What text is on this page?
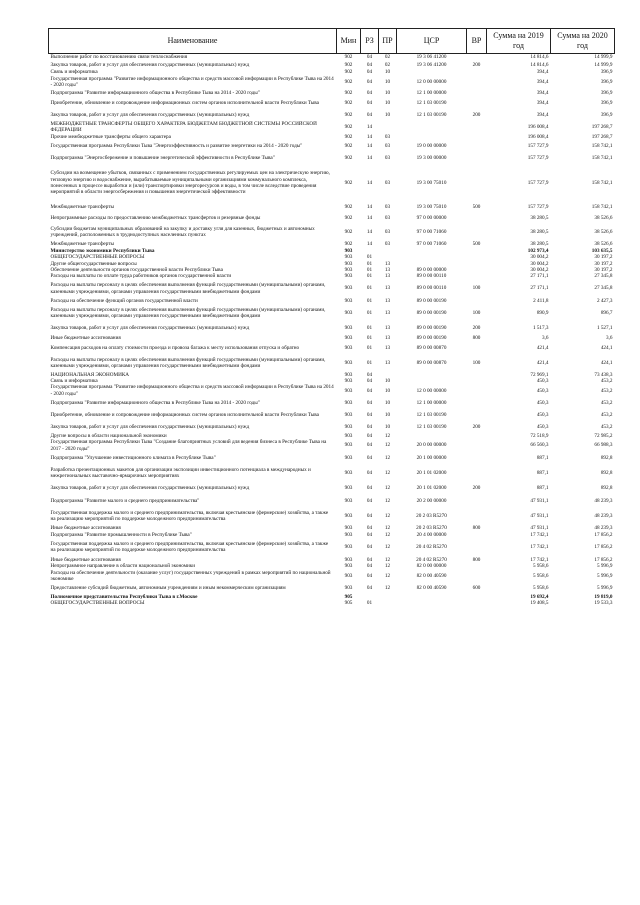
Наименование	Мин	РЗ	ПР	ЦСР	ВР	Сумма на 2019 год	Сумма на 2020 год
Выполнение работ по восстановлению связи теплоснабжения	902	04	02	19 3 06 41200		14 814,6	14 999,9
Закупка товаров, работ и услуг для обеспечения государственных (муниципальных) нужд	902	04	02	19 3 06 41200	200	14 814,6	14 999,9
Связь и информатика	902	04	10			394,4	396,9
Государственная программа "Развитие информационного общества и средств массовой информации в Республике Тыва на 2014 - 2020 годы"	902	04	10	12 0 00 00000		394,4	396,9
Подпрограмма "Развитие информационного общества в Республике Тыва на 2014 - 2020 годы"	902	04	10	12 1 00 00000		394,4	396,9
Приобретение, обновление и сопровождение информационных систем органов исполнительной власти Республики Тыва	902	04	10	12 1 03 00190		394,4	396,9
Закупка товаров, работ и услуг для обеспечения государственных (муниципальных) нужд	902	04	10	12 1 03 00190	200	394,4	396,9
МЕЖБЮДЖЕТНЫЕ ТРАНСФЕРТЫ ОБЩЕГО ХАРАКТЕРА БЮДЖЕТАМ БЮДЖЕТНОЙ СИСТЕМЫ РОССИЙСКОЙ ФЕДЕРАЦИИ	902	14				196 008,4	197 268,7
Прочие межбюджетные трансферты общего характера	902	14	03			196 008,4	197 268,7
Государственная программа Республики Тыва "Энергоэффективность и развитие энергетики на 2014 - 2020 годы"	902	14	03	19 0 00 00000		157 727,9	158 742,1
Подпрограмма "Энергосбережение и повышение энергетической эффективности в Республике Тыва"	902	14	03	19 3 00 00000		157 727,9	158 742,1
Субсидии на возмещение убытков, связанных с применением государственных регулируемых цен на электрическую энергию, тепловую энергию и водоснабжение, вырабатываемые муниципальными организациями коммунального комплекса, понесенных в процессе выработки и (или) транспортировки энергоресурсов и воды, в том числе вследствие проведения мероприятий в области энергосбережения и повышения энергетической эффективности	902	14	03	19 3 00 75010		157 727,9	158 742,1
Межбюджетные трансферты	902	14	03	19 3 00 75010	500	157 727,9	158 742,1
Непрограммные расходы по предоставлению межбюджетных трансфертов и резервные фонды	902	14	03	97 0 00 00000		38 280,5	38 526,6
Субсидии бюджетам муниципальных образований на закупку и доставку угля для казенных, бюджетных и автономных учреждений, расположенных в труднодоступных населенных пунктах	902	14	03	97 0 00 71060		38 280,5	38 526,6
Межбюджетные трансферты	902	14	03	97 0 00 71060	500	38 280,5	38 526,6
Министерство экономики Республики Тыва	903					102 973,4	103 635,5
ОБЩЕГОСУДАРСТВЕННЫЕ ВОПРОСЫ	903	01				30 004,2	30 197,2
Другие общегосударственные вопросы	903	01	13			30 004,2	30 197,2
Обеспечение деятельности органов государственной власти Республики Тыва	903	01	13	89 0 00 00000		30 004,2	30 197,2
Расходы на выплаты по оплате труда работников органов государственной власти	903	01	13	89 0 00 00110		27 171,1	27 345,8
Расходы на выплаты персоналу в целях обеспечения выполнения функций государственными (муниципальными) органами, казенными учреждениями, органами управления государственными внебюджетными фондами	903	01	13	89 0 00 00110	100	27 171,1	27 345,8
Расходы на обеспечение функций органов государственной власти	903	01	13	89 0 00 00190		2 411,8	2 427,3
Расходы на выплаты персоналу в целях обеспечения выполнения функций государственными (муниципальными) органами, казенными учреждениями, органами управления государственными внебюджетными фондами	903	01	13	89 0 00 00190	100	890,9	896,7
Закупка товаров, работ и услуг для обеспечения государственных (муниципальных) нужд	903	01	13	89 0 00 00190	200	1 517,3	1 527,1
Иные бюджетные ассигнования	903	01	13	89 0 00 00190	800	3,6	3,6
Компенсация расходов на оплату стоимости проезда и провоза багажа к месту использования отпуска и обратно	903	01	13	89 0 00 00870		421,4	424,1
Расходы на выплаты персоналу в целях обеспечения выполнения функций государственными (муниципальными) органами, казенными учреждениями, органами управления государственными внебюджетными фондами	903	01	13	89 0 00 00870	100	421,4	424,1
НАЦИОНАЛЬНАЯ ЭКОНОМИКА	903	04				72 969,1	73 438,3
Связь и информатика	903	04	10			450,3	453,2
Государственная программа "Развитие информационного общества и средств массовой информации в Республике Тыва на 2014 - 2020 годы"	903	04	10	12 0 00 00000		450,3	453,2
Подпрограмма "Развитие информационного общества в Республике Тыва на 2014 - 2020 годы"	903	04	10	12 1 00 00000		450,3	453,2
Приобретение, обновление и сопровождение информационных систем органов исполнительной власти Республики Тыва	903	04	10	12 1 03 00190		450,3	453,2
Закупка товаров, работ и услуг для обеспечения государственных (муниципальных) нужд	903	04	10	12 1 03 00190	200	450,3	453,2
Другие вопросы в области национальной экономики	903	04	12			72 518,9	72 985,2
Государственная программа Республики Тыва "Создание благоприятных условий для ведения бизнеса в Республике Тыва на 2017 - 2020 годы"	903	04	12	20 0 00 00000		66 560,3	66 988,3
Подпрограмма "Улучшение инвестиционного климата в Республике Тыва"	903	04	12	20 1 00 00000		887,1	892,8
Разработка презентационных макетов для организации экспозиции инвестиционного потенциала в международных и межрегиональных выставочно-ярмарочных мероприятиях	903	04	12	20 1 01 02000		887,1	892,8
Закупка товаров, работ и услуг для обеспечения государственных (муниципальных) нужд	903	04	12	20 1 01 02000	200	887,1	892,8
Подпрограмма "Развитие малого и среднего предпринимательства"	903	04	12	20 2 00 00000		47 931,1	48 239,3
Государственная поддержка малого и среднего предпринимательства, включая крестьянские (фермерские) хозяйства, а также на реализацию мероприятий по поддержке молодежного предпринимательства	903	04	12	20 2 03 R5270		47 931,1	48 239,3
Иные бюджетные ассигнования	903	04	12	20 2 03 R5270	800	47 931,1	48 239,3
Подпрограмма "Развитие промышленности в Республике Тыва"	903	04	12	20 4 00 00000		17 742,1	17 856,2
Государственная поддержка малого и среднего предпринимательства, включая крестьянские (фермерские) хозяйства, а также на реализацию мероприятий по поддержке молодежного предпринимательства	903	04	12	20 4 02 R5270		17 742,1	17 856,2
Иные бюджетные ассигнования	903	04	12	20 4 02 R5270	800	17 742,1	17 856,2
Непрограммное направление в области национальной экономики	903	04	12	82 0 00 00000		5 958,6	5 996,9
Расходы на обеспечение деятельности (оказание услуг) государственных учреждений в рамках мероприятий по национальной экономике	903	04	12	82 0 00 40590		5 958,6	5 996,9
Предоставление субсидий бюджетным, автономным учреждениям и иным некоммерческим организациям	903	04	12	82 0 00 40590	600	5 958,6	5 996,9
Полномочное представительство Республики Тыва в г.Москве	905					19 692,4	19 819,0
ОБЩЕГОСУДАРСТВЕННЫЕ ВОПРОСЫ	905	01				19 408,5	19 533,3
